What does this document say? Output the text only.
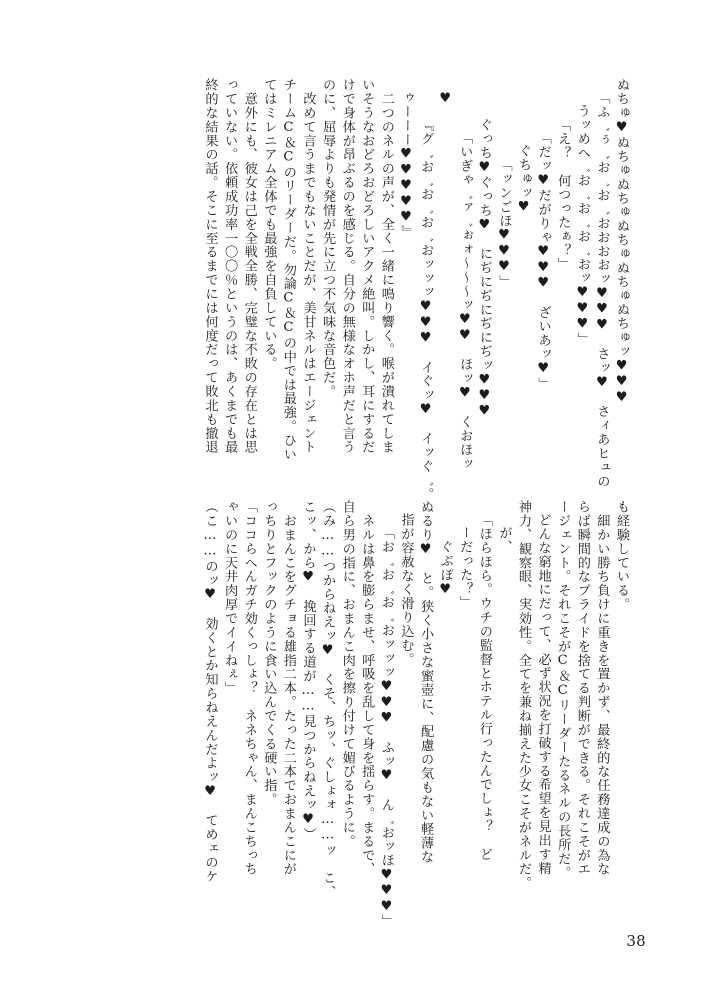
ぬちゅ♥ぬちゅぬちゅぬちゅぬちゅぬちゅッ♥♥♥
「ふ゛ぅ゛お゛お゛おおおおッ♥♥♥　さッ♥　さィあヒュの
うッめへ゛お゛お゛お゛おッ♥♥♥」
「え？　何つったぁ？」
「だッ♥だがりゃ♥♥♥　ざいあッ♥」
ぐちゅッ♥
「ッンごほ♥♥♥」
ぐっち♥ぐっち♥　にぢにぢにぢにぢッ♥♥♥
「いぎゃ゛ァ゛ぉォ～～～ッ♥♥　ほッ♥　くおほッ
♥
『グ゛お゛お゛お゛おッッッ♥♥♥　イぐッ♥　イッぐ゛。
ゥーーー♥♥♥♥♥』
　二つのネルの声が、全く一緒に鳴り響く。喉が潰れてしま
いそうなおどろおどろしいアクメ絶叫。しかし、耳にするだ
けで身体が昂ぶるのを感じる。自分の無様なオホ声だと言う
のに、屈辱よりも発情が先に立つ不気味な音色だ。
　改めて言うまでもないことだが、美甘ネルはエージェント
チームC＆Cのリーダーだ。勿論C＆Cの中では最強。ひい
てはミレニアム全体でも最強を自負している。
　意外にも、彼女は己を全戦全勝、完璧な不敗の存在とは思
っていない。依頼成功率一〇〇％というのは、あくまでも最
終的な結果の話。そこに至るまでには何度だって敗北も撤退
も経験している。
　細かい勝ち負けに重きを置かず、最終的な任務達成の為な
らば瞬間的なプライドを捨てる判断ができる。それこそがエ
ージェント。それこそがC＆Cリーダーたるネルの長所だ。
どんな窮地にだって、必ず状況を打破する希望を見出す精
神力、観察眼、実効性。全てを兼ね揃えた少女こそがネルだ。
が、
「ほらほら。ウチの監督とホテル行ったんでしょ？　ど
ーだった？」
ぐぷぽ♥
ぬるり♥　と。狭く小さな蜜壺に、配慮の気もない軽薄な
指が容赦なく滑り込む。
「お゛お゛お゛おッッッ♥♥♥　ふッ♥　ん゛おッほ♥♥♥」
　ネルは鼻を膨らませ、呼吸を乱して身を揺らす。まるで、
自ら男の指に、おまんこ肉を擦り付けて媚びるように。
（み……つからねえッ♥　くそ、ちッ、ぐしょォ……ッ　こ、
こッ、から♥　挽回する道が……見つからねえッ♥）
　おまんこをグチョる雄指二本。たった二本でおまんこにが
っちりとフックのように食い込んでくる硬い指。
「ココらへんガチ効くっしょ？　ネネちゃん、まんこちっち
ゃいのに天井肉厚でイイねぇ」
（こ……のッ♥　効くとか知らねえんだよッ♥　てめェのケ
38
